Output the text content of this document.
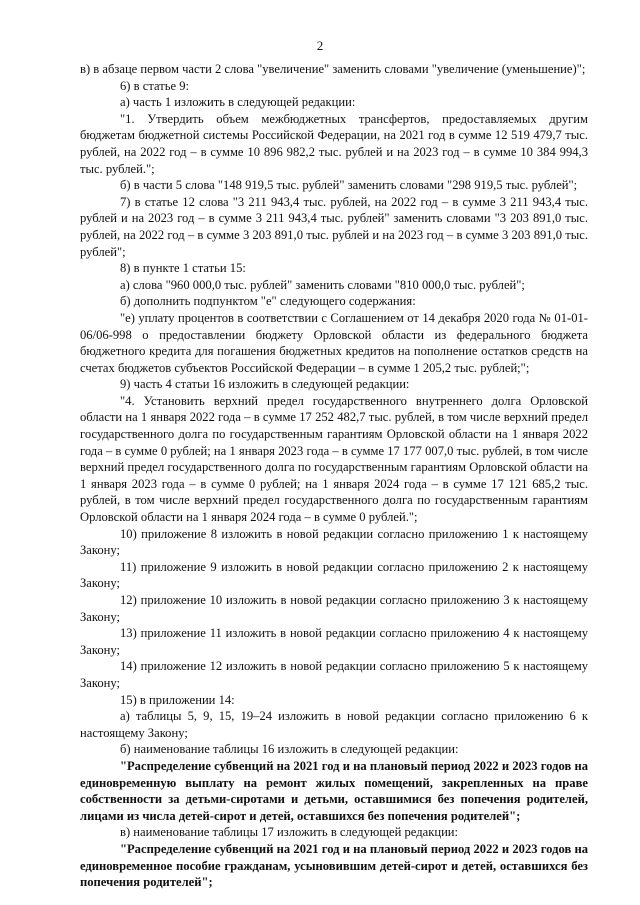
2

в) в абзаце первом части 2 слова "увеличение" заменить словами "увеличение (уменьшение)";

6) в статье 9:

а) часть 1 изложить в следующей редакции:

"1. Утвердить объем межбюджетных трансфертов, предоставляемых другим бюджетам бюджетной системы Российской Федерации, на 2021 год в сумме 12 519 479,7 тыс. рублей, на 2022 год – в сумме 10 896 982,2 тыс. рублей и на 2023 год – в сумме 10 384 994,3 тыс. рублей.";

б) в части 5 слова "148 919,5 тыс. рублей" заменить словами "298 919,5 тыс. рублей";

7) в статье 12 слова "3 211 943,4 тыс. рублей, на 2022 год – в сумме 3 211 943,4 тыс. рублей и на 2023 год – в сумме 3 211 943,4 тыс. рублей" заменить словами "3 203 891,0 тыс. рублей, на 2022 год – в сумме 3 203 891,0 тыс. рублей и на 2023 год – в сумме 3 203 891,0 тыс. рублей";

8) в пункте 1 статьи 15:

а) слова "960 000,0 тыс. рублей" заменить словами "810 000,0 тыс. рублей";

б) дополнить подпунктом "е" следующего содержания:

"е) уплату процентов в соответствии с Соглашением от 14 декабря 2020 года № 01-01-06/06-998 о предоставлении бюджету Орловской области из федерального бюджета бюджетного кредита для погашения бюджетных кредитов на пополнение остатков средств на счетах бюджетов субъектов Российской Федерации – в сумме 1 205,2 тыс. рублей;";

9) часть 4 статьи 16 изложить в следующей редакции:

"4. Установить верхний предел государственного внутреннего долга Орловской области на 1 января 2022 года – в сумме 17 252 482,7 тыс. рублей, в том числе верхний предел государственного долга по государственным гарантиям Орловской области на 1 января 2022 года – в сумме 0 рублей; на 1 января 2023 года – в сумме 17 177 007,0 тыс. рублей, в том числе верхний предел государственного долга по государственным гарантиям Орловской области на 1 января 2023 года – в сумме 0 рублей; на 1 января 2024 года – в сумме 17 121 685,2 тыс. рублей, в том числе верхний предел государственного долга по государственным гарантиям Орловской области на 1 января 2024 года – в сумме 0 рублей.";

10) приложение 8 изложить в новой редакции согласно приложению 1 к настоящему Закону;

11) приложение 9 изложить в новой редакции согласно приложению 2 к настоящему Закону;

12) приложение 10 изложить в новой редакции согласно приложению 3 к настоящему Закону;

13) приложение 11 изложить в новой редакции согласно приложению 4 к настоящему Закону;

14) приложение 12 изложить в новой редакции согласно приложению 5 к настоящему Закону;

15) в приложении 14:

а) таблицы 5, 9, 15, 19–24 изложить в новой редакции согласно приложению 6 к настоящему Закону;

б) наименование таблицы 16 изложить в следующей редакции:

"Распределение субвенций на 2021 год и на плановый период 2022 и 2023 годов на единовременную выплату на ремонт жилых помещений, закрепленных на праве собственности за детьми-сиротами и детьми, оставшимися без попечения родителей, лицами из числа детей-сирот и детей, оставшихся без попечения родителей";

в) наименование таблицы 17 изложить в следующей редакции:

"Распределение субвенций на 2021 год и на плановый период 2022 и 2023 годов на единовременное пособие гражданам, усыновившим детей-сирот и детей, оставшихся без попечения родителей";
